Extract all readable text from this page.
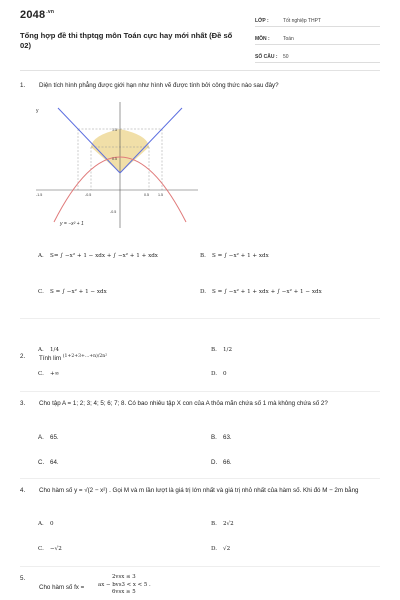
$2048^{.vn}$
Tổng hợp đề thi thptqg môn Toán cực hay mới nhất (Đề số 02)
LỚP :	Tốt nghiệp THPT
MÔN :	Toán
SỐ CÂU :	50
1. Diện tích hình phẳng được giới hạn như hình vẽ được tính bởi công thức nào sau đây?
y
1.5
0.5
-0.5
-1.5	-0.5	0.5	1.5
y = −x² + 1
A. S= ∫ −x² + 1 − xdx + ∫ −x² + 1 + xdx	B. S = ∫ −x² + 1 + xdx
C. S = ∫ −x² + 1 − xdx	D. S = ∫ −x² + 1 + xdx + ∫ −x² + 1 − xdx
2. Tính lim $^{(1+2+3+...+n)/2n^2}$
A. 1/4	B. 1/2
C. +∞	D. 0
3. Cho tập A = 1; 2; 3; 4; 5; 6; 7; 8. Có bao nhiêu tập X con của A thỏa mãn chứa số 1 mà không chứa số 2?
A. 65.	B. 63.
C. 64.	D. 66.
4. Cho hàm số y = √(2 − x²) . Gọi M và m lần lượt là giá trị lớn nhất và giá trị nhỏ nhất của hàm số. Khi đó M − 2m bằng
A. 0	B. 2√2
C. −√2	D. √2
5.
Cho hàm số fx =
2vsx ≤ 3
ax − bvs3 < x < 5 .
6vsx ≥ 5
